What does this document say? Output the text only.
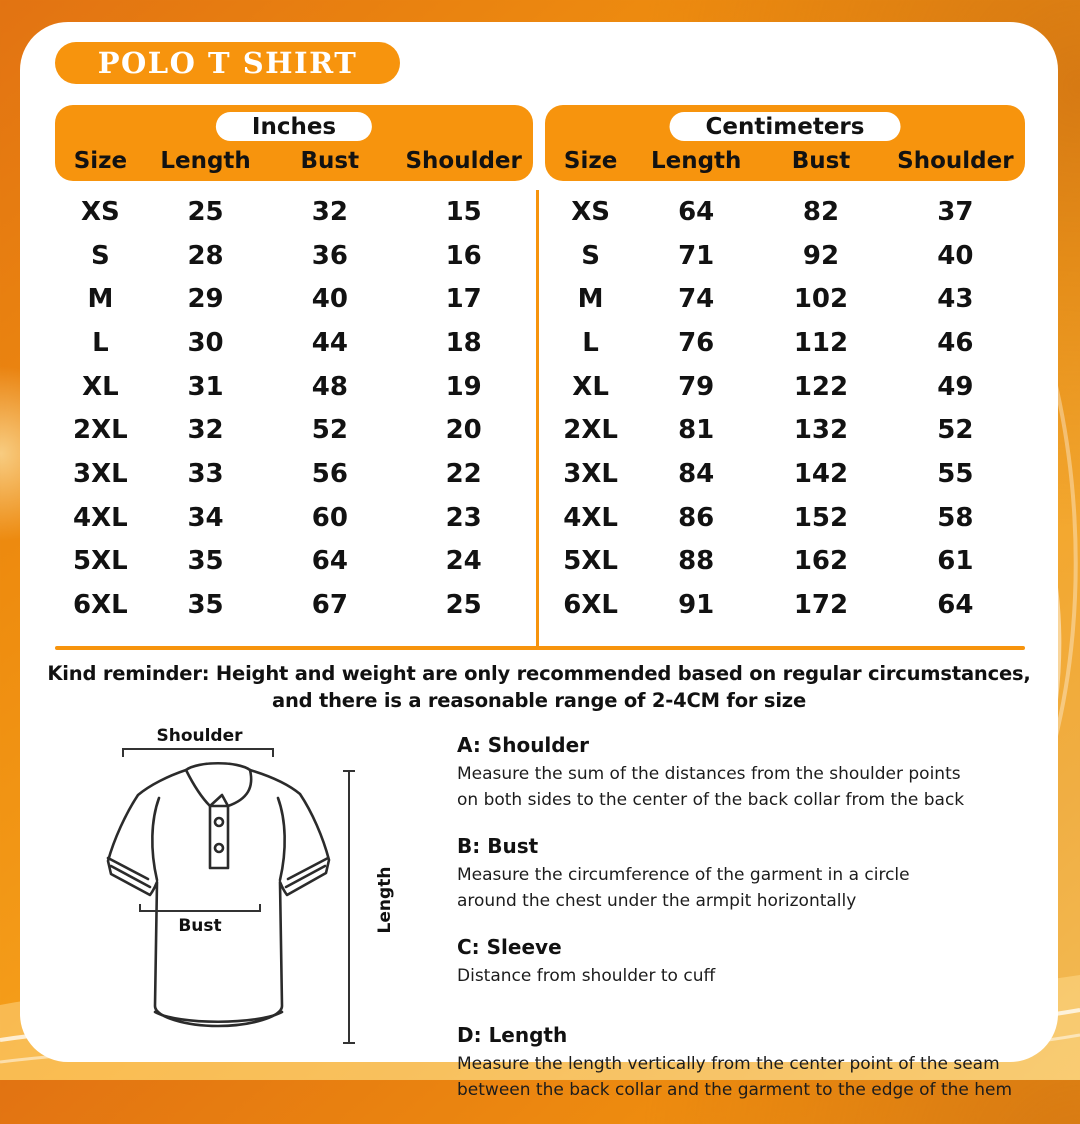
POLO T SHIRT
Inches
Size	Length	Bust	Shoulder
Centimeters
Size	Length	Bust	Shoulder
XS	25	32	15
S	28	36	16
M	29	40	17
L	30	44	18
XL	31	48	19
2XL	32	52	20
3XL	33	56	22
4XL	34	60	23
5XL	35	64	24
6XL	35	67	25
XS	64	82	37
S	71	92	40
M	74	102	43
L	76	112	46
XL	79	122	49
2XL	81	132	52
3XL	84	142	55
4XL	86	152	58
5XL	88	162	61
6XL	91	172	64
Kind reminder: Height and weight are only recommended based on regular circumstances,
and there is a reasonable range of 2-4CM for size
Shoulder
Bust	Length
A: Shoulder
Measure the sum of the distances from the shoulder points
on both sides to the center of the back collar from the back
B: Bust
Measure the circumference of the garment in a circle
around the chest under the armpit horizontally
C: Sleeve
Distance from shoulder to cuff
D: Length
Measure the length vertically from the center point of the seam
between the back collar and the garment to the edge of the hem
